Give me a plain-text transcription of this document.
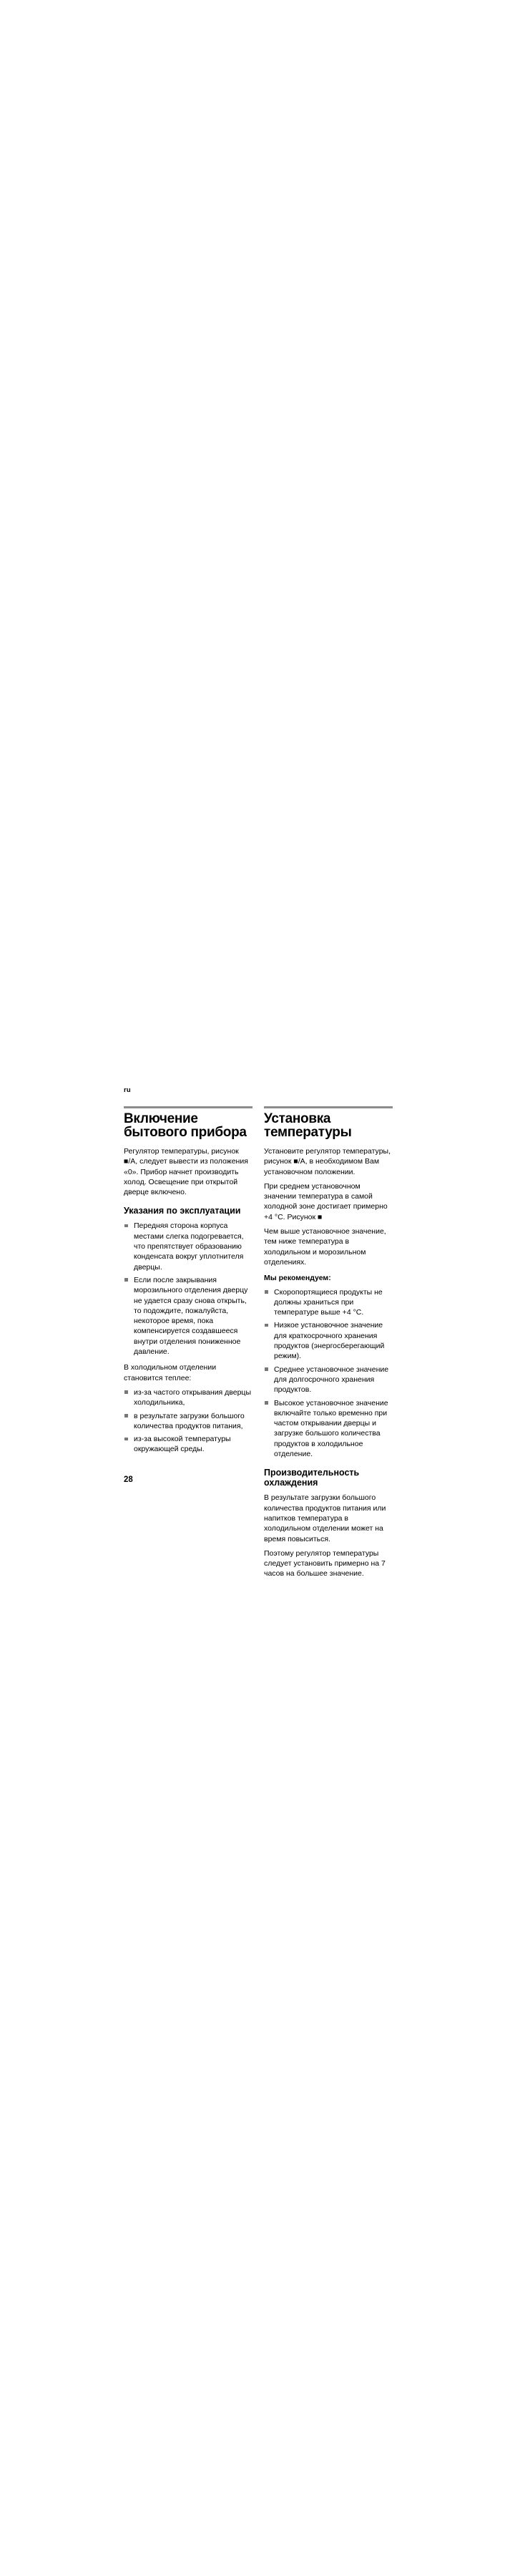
ru
Включение бытового прибора

Регулятор температуры, рисунок ■/A, следует вывести из положения «0». Прибор начнет производить холод. Освещение при открытой дверце включено.

Указания по эксплуатации
Передняя сторона корпуса местами слегка подогревается, что препятствует образованию конденсата вокруг уплотнителя дверцы.
Если после закрывания морозильного отделения дверцу не удается сразу снова открыть, то подождите, пожалуйста, некоторое время, пока компенсируется создавшееся внутри отделения пониженное давление.

В холодильном отделении становится теплее:

из-за частого открывания дверцы холодильника,
в результате загрузки большого количества продуктов питания,
из-за высокой температуры окружающей среды.
Установка температуры

Установите регулятор температуры, рисунок ■/A, в необходимом Вам установочном положении.

При среднем установочном значении температура в самой холодной зоне достигает примерно +4 °C. Рисунок ■

Чем выше установочное значение, тем ниже температура в холодильном и морозильном отделениях.

Мы рекомендуем:

Скоропортящиеся продукты не должны храниться при температуре выше +4 °C.
Низкое установочное значение для краткосрочного хранения продуктов (энергосберегающий режим).
Среднее установочное значение для долгосрочного хранения продуктов.
Высокое установочное значение включайте только временно при частом открывании дверцы и загрузке большого количества продуктов в холодильное отделение.
Производительность охлаждения

В результате загрузки большого количества продуктов питания или напитков температура в холодильном отделении может на время повыситься.

Поэтому регулятор температуры следует установить примерно на 7 часов на большее значение.

28
